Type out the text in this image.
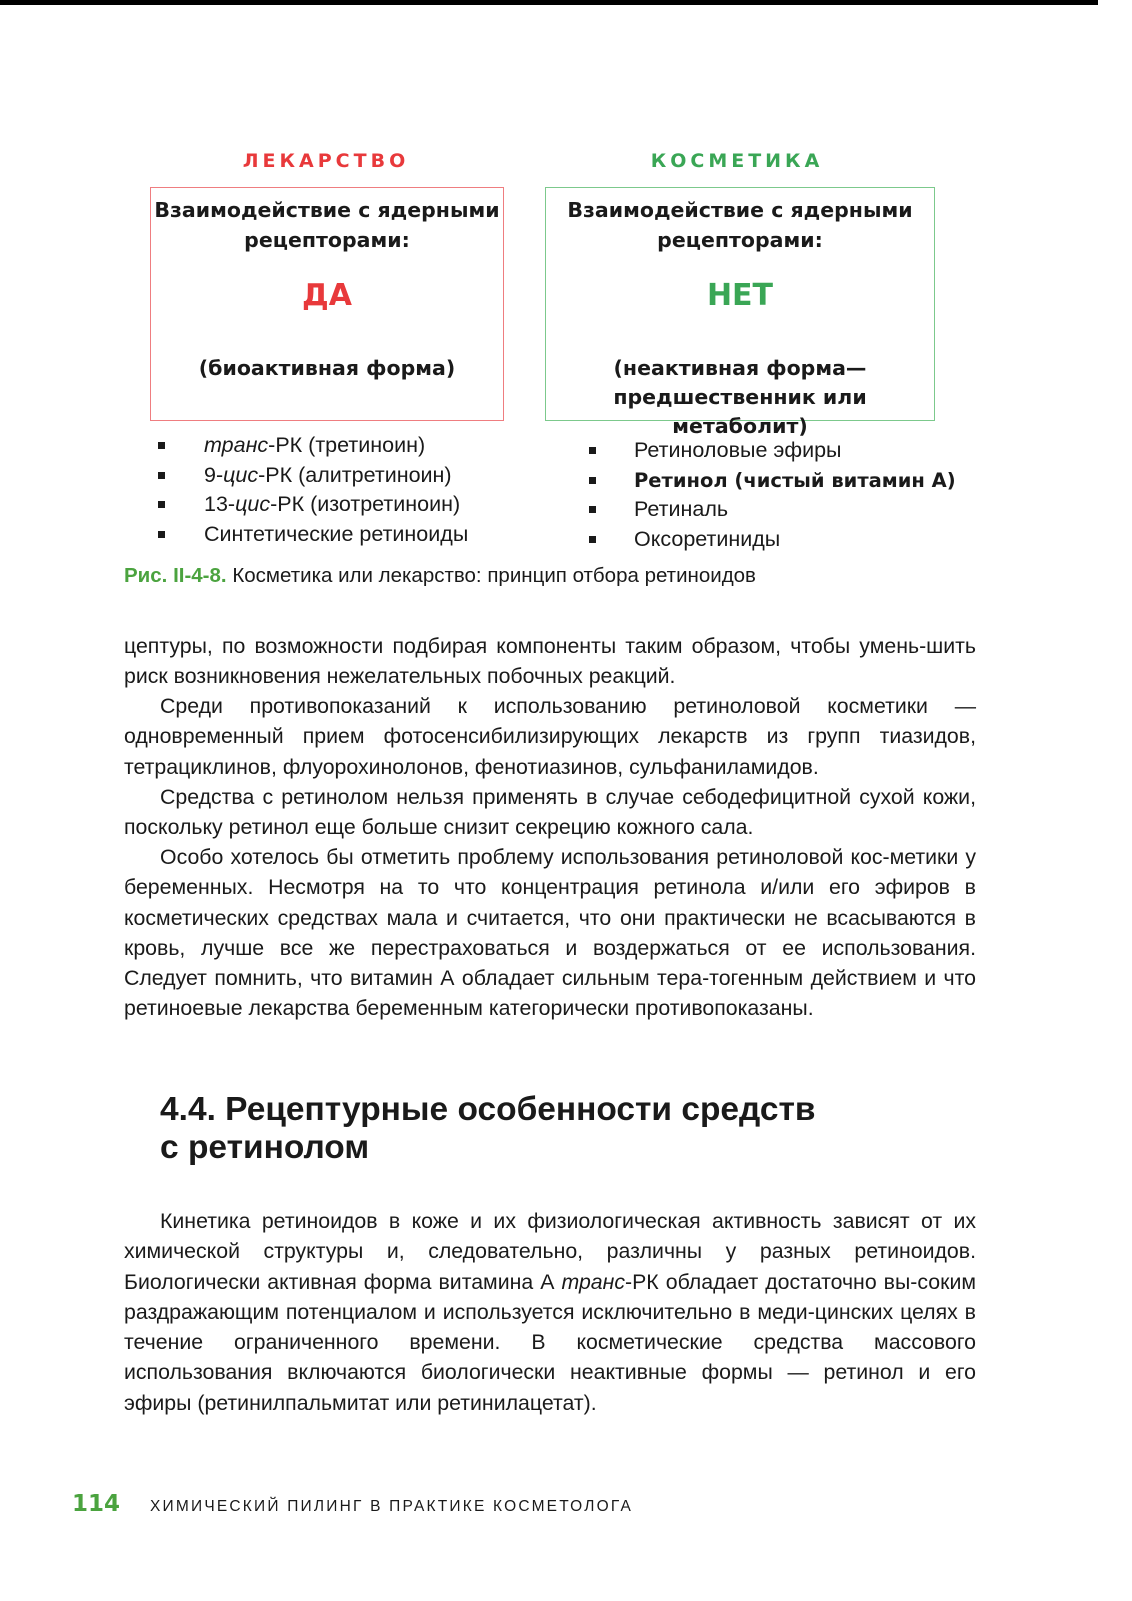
ЛЕКАРСТВО
Взаимодействие с ядерными рецепторами:
ДА
(биоактивная форма)
транс-РК (третиноин)
9-цис-РК (алитретиноин)
13-цис-РК (изотретиноин)
Синтетические ретиноиды
КОСМЕТИКА
Взаимодействие с ядерными рецепторами:
НЕТ
(неактивная форма— предшественник или метаболит)
Ретиноловые эфиры
Ретинол (чистый витамин А)
Ретиналь
Оксоретиниды
Рис. II-4-8. Косметика или лекарство: принцип отбора ретиноидов

цептуры, по возможности подбирая компоненты таким образом, чтобы умень-шить риск возникновения нежелательных побочных реакций.

Среди противопоказаний к использованию ретиноловой косметики — одновременный прием фотосенсибилизирующих лекарств из групп тиазидов, тетрациклинов, флуорохинолонов, фенотиазинов, сульфаниламидов.

Средства с ретинолом нельзя применять в случае себодефицитной сухой кожи, поскольку ретинол еще больше снизит секрецию кожного сала.

Особо хотелось бы отметить проблему использования ретиноловой кос-метики у беременных. Несмотря на то что концентрация ретинола и/или его эфиров в косметических средствах мала и считается, что они практически не всасываются в кровь, лучше все же перестраховаться и воздержаться от ее использования. Следует помнить, что витамин А обладает сильным тера-тогенным действием и что ретиноевые лекарства беременным категорически противопоказаны.

4.4. Рецептурные особенности средств
с ретинолом

Кинетика ретиноидов в коже и их физиологическая активность зависят от их химической структуры и, следовательно, различны у разных ретиноидов. Биологически активная форма витамина А транс-РК обладает достаточно вы-соким раздражающим потенциалом и используется исключительно в меди-цинских целях в течение ограниченного времени. В косметические средства массового использования включаются биологически неактивные формы — ретинол и его эфиры (ретинилпальмитат или ретинилацетат).

114 ХИМИЧЕСКИЙ ПИЛИНГ В ПРАКТИКЕ КОСМЕТОЛОГА
